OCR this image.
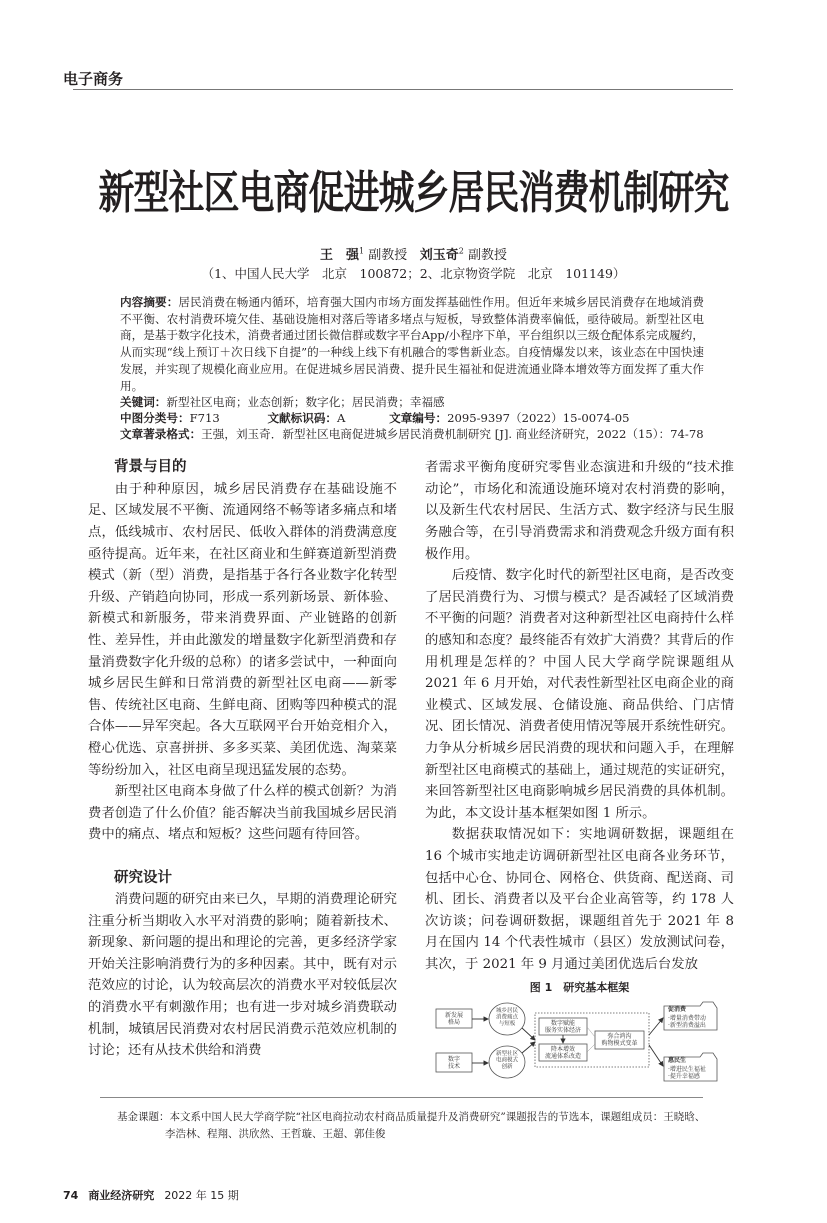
电子商务
新型社区电商促进城乡居民消费机制研究
王　强$^1$ 副教授 刘玉奇$^2$ 副教授
（1、中国人民大学　北京　100872；2、北京物资学院　北京　101149）
内容摘要：居民消费在畅通内循环，培育强大国内市场方面发挥基础性作用。但近年来城乡居民消费存在地域消费不平衡、农村消费环境欠佳、基础设施相对落后等诸多堵点与短板，导致整体消费率偏低，亟待破局。新型社区电商，是基于数字化技术，消费者通过团长微信群或数字平台App/小程序下单，平台组织以三级仓配体系完成履约，从而实现“线上预订＋次日线下自提”的一种线上线下有机融合的零售新业态。自疫情爆发以来，该业态在中国快速发展，并实现了规模化商业应用。在促进城乡居民消费、提升民生福祉和促进流通业降本增效等方面发挥了重大作用。
关键词：新型社区电商；业态创新；数字化；居民消费；幸福感
中图分类号：F713	文献标识码：A	文章编号：2095-9397（2022）15-0074-05
文章著录格式：王强，刘玉奇．新型社区电商促进城乡居民消费机制研究 [J]. 商业经济研究，2022（15）：74-78
背景与目的

由于种种原因，城乡居民消费存在基础设施不足、区域发展不平衡、流通网络不畅等诸多痛点和堵点，低线城市、农村居民、低收入群体的消费满意度亟待提高。近年来，在社区商业和生鲜赛道新型消费模式（新（型）消费，是指基于各行各业数字化转型升级、产销趋向协同，形成一系列新场景、新体验、新模式和新服务，带来消费界面、产业链路的创新性、差异性，并由此激发的增量数字化新型消费和存量消费数字化升级的总称）的诸多尝试中，一种面向城乡居民生鲜和日常消费的新型社区电商——新零售、传统社区电商、生鲜电商、团购等四种模式的混合体——异军突起。各大互联网平台开始竞相介入，橙心优选、京喜拼拼、多多买菜、美团优选、淘菜菜等纷纷加入，社区电商呈现迅猛发展的态势。

新型社区电商本身做了什么样的模式创新？为消费者创造了什么价值？能否解决当前我国城乡居民消费中的痛点、堵点和短板？这些问题有待回答。

研究设计

消费问题的研究由来已久，早期的消费理论研究注重分析当期收入水平对消费的影响；随着新技术、新现象、新问题的提出和理论的完善，更多经济学家开始关注影响消费行为的多种因素。其中，既有对示范效应的讨论，认为较高层次的消费水平对较低层次的消费水平有刺激作用；也有进一步对城乡消费联动机制，城镇居民消费对农村居民消费示范效应机制的讨论；还有从技术供给和消费

者需求平衡角度研究零售业态演进和升级的“技术推动论”，市场化和流通设施环境对农村消费的影响，以及新生代农村居民、生活方式、数字经济与民生服务融合等，在引导消费需求和消费观念升级方面有积极作用。

后疫情、数字化时代的新型社区电商，是否改变了居民消费行为、习惯与模式？是否减轻了区域消费不平衡的问题？消费者对这种新型社区电商持什么样的感知和态度？最终能否有效扩大消费？其背后的作用机理是怎样的？中国人民大学商学院课题组从 2021 年 6 月开始，对代表性新型社区电商企业的商业模式、区域发展、仓储设施、商品供给、门店情况、团长情况、消费者使用情况等展开系统性研究。力争从分析城乡居民消费的现状和问题入手，在理解新型社区电商模式的基础上，通过规范的实证研究，来回答新型社区电商影响城乡居民消费的具体机制。为此，本文设计基本框架如图 1 所示。

数据获取情况如下：实地调研数据，课题组在 16 个城市实地走访调研新型社区电商各业务环节，包括中心仓、协同仓、网格仓、供货商、配送商、司机、团长、消费者以及平台企业高管等，约 178 人次访谈；问卷调研数据，课题组首先于 2021 年 8 月在国内 14 个代表性城市（县区）发放测试问卷，其次，于 2021 年 9 月通过美团优选后台发放

图 1　研究基本框架
新发展格局
数字技术
城乡居民消费痛点与短板
新型社区电商模式创新
数字赋能服务实体经济
降本增效流通体系改造
弥合鸿沟购物模式变革
促消费
·增量消费带动·新型消费溢出
惠民生
·增进民生福祉·提升幸福感
基金课题：本文系中国人民大学商学院“社区电商拉动农村商品质量提升及消费研究”课题报告的节选本，课题组成员：王晓晗、
李浩林、程翔、洪欣然、王哲璇、王超、郭佳俊
74 商业经济研究 2022 年 15 期
